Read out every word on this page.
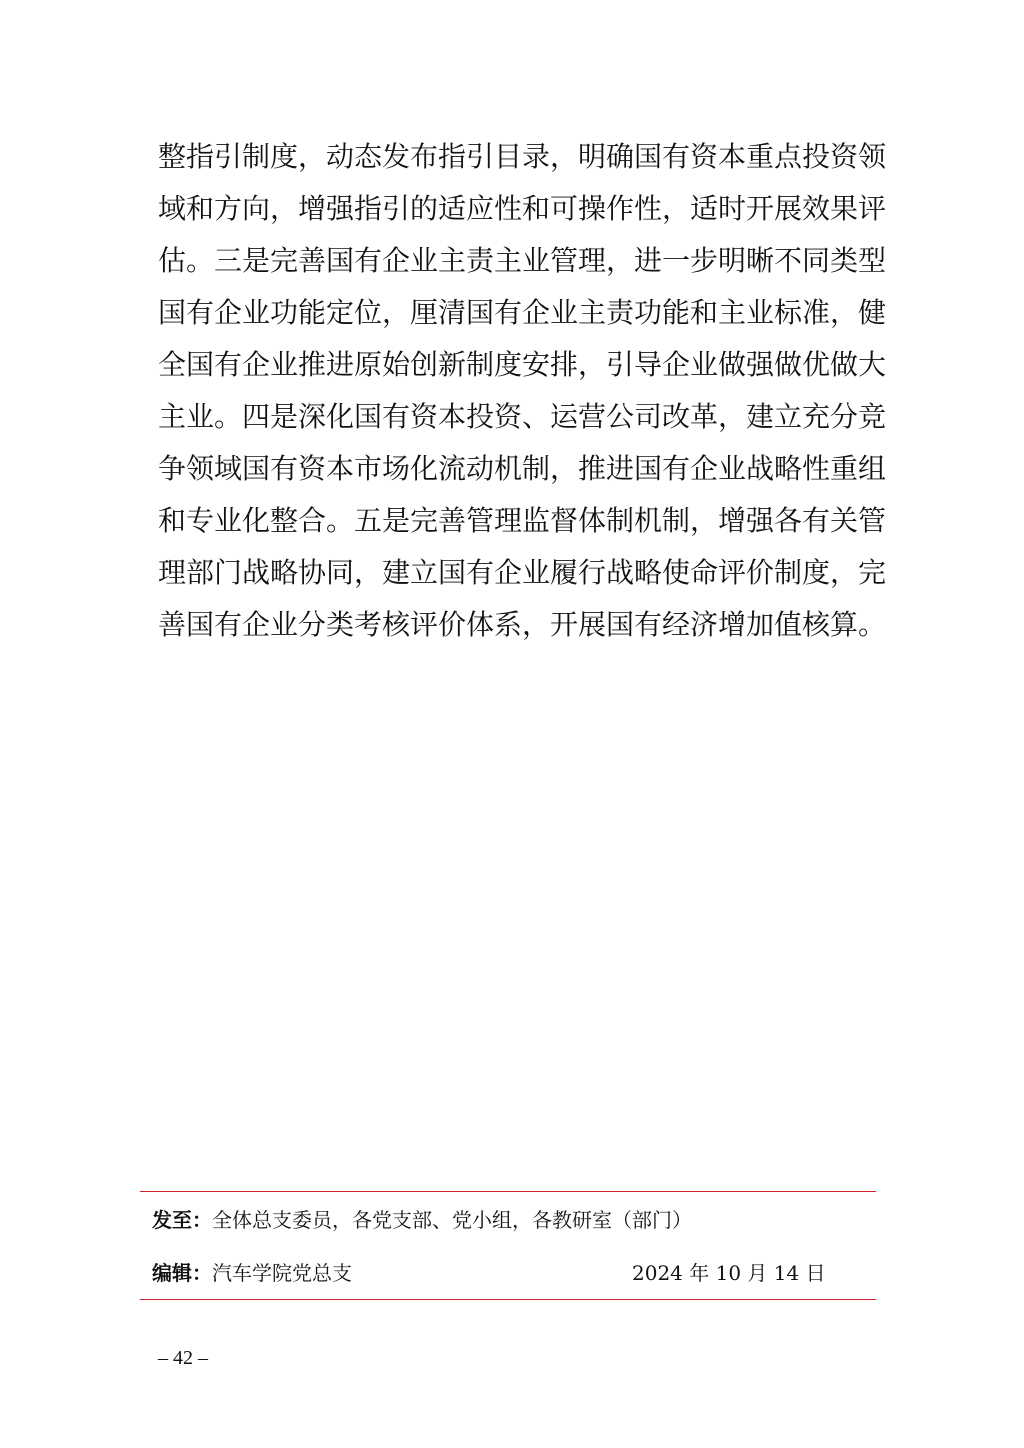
整指引制度，动态发布指引目录，明确国有资本重点投资领
域和方向，增强指引的适应性和可操作性，适时开展效果评
估。三是完善国有企业主责主业管理，进一步明晰不同类型
国有企业功能定位，厘清国有企业主责功能和主业标准，健
全国有企业推进原始创新制度安排，引导企业做强做优做大
主业。四是深化国有资本投资、运营公司改革，建立充分竞
争领域国有资本市场化流动机制，推进国有企业战略性重组
和专业化整合。五是完善管理监督体制机制，增强各有关管
理部门战略协同，建立国有企业履行战略使命评价制度，完
善国有企业分类考核评价体系，开展国有经济增加值核算。
发至：全体总支委员，各党支部、党小组，各教研室（部门）
编辑：汽车学院党总支	2024 年 10 月 14 日
– 42 –
